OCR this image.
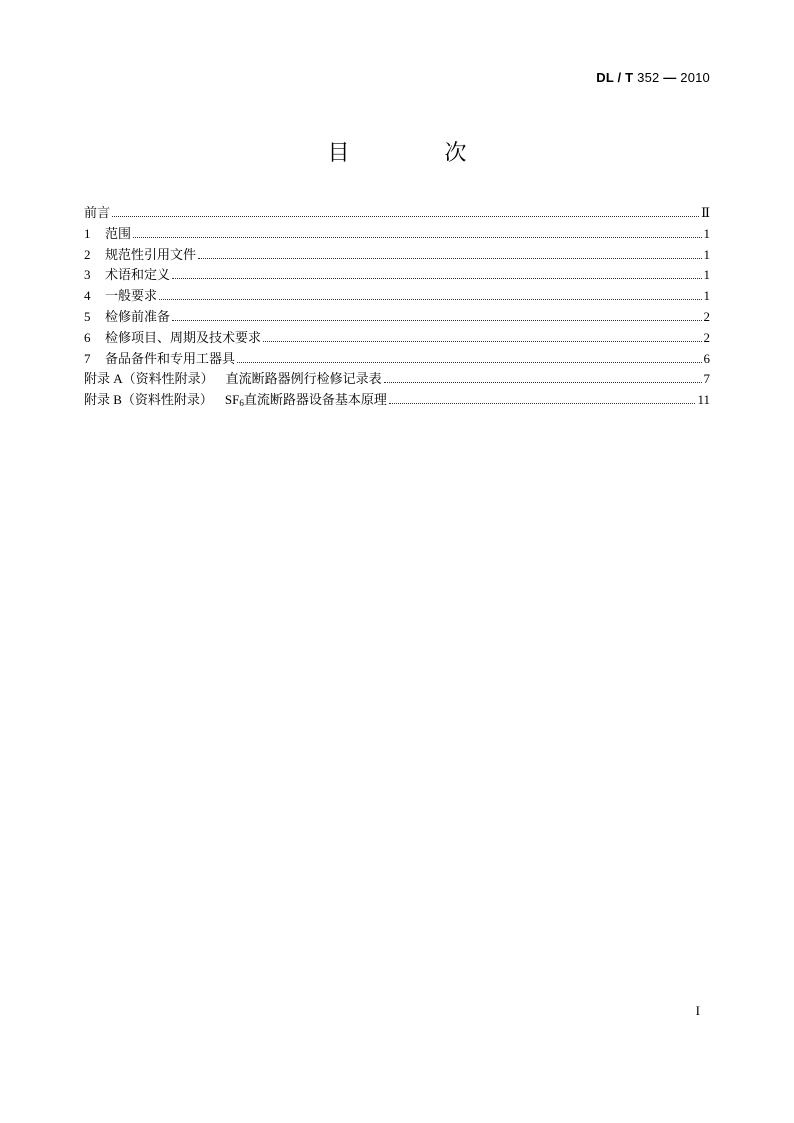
DL / T 352 — 2010
目 次
前言	Ⅱ
1	范围	1
2	规范性引用文件	1
3	术语和定义	1
4	一般要求	1
5	检修前准备	2
6	检修项目、周期及技术要求	2
7	备品备件和专用工器具	6
附录 A（资料性附录） 直流断路器例行检修记录表	7
附录 B（资料性附录） $SF_6$直流断路器设备基本原理	11
I
